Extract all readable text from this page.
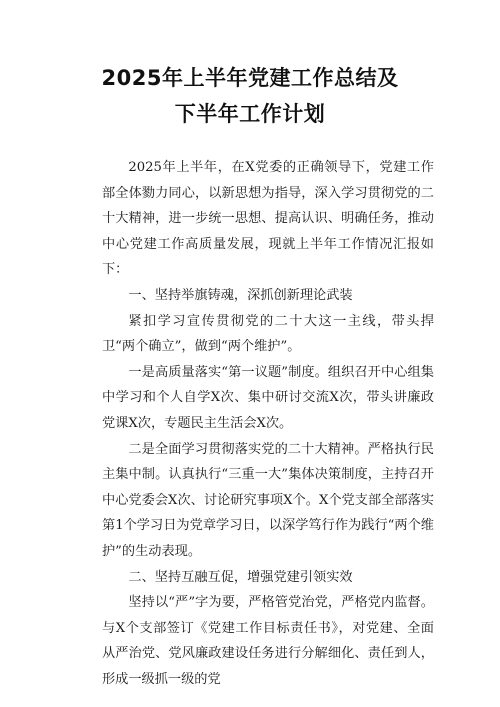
2025年上半年党建工作总结及
下半年工作计划

2025年上半年，在X党委的正确领导下，党建工作部全体勠力同心，以新思想为指导，深入学习贯彻党的二十大精神，进一步统一思想、提高认识、明确任务，推动中心党建工作高质量发展，现就上半年工作情况汇报如下：

一、坚持举旗铸魂，深抓创新理论武装

紧扣学习宣传贯彻党的二十大这一主线，带头捍卫“两个确立”，做到“两个维护”。

一是高质量落实“第一议题”制度。组织召开中心组集中学习和个人自学X次、集中研讨交流X次，带头讲廉政党课X次，专题民主生活会X次。

二是全面学习贯彻落实党的二十大精神。严格执行民主集中制。认真执行“三重一大”集体决策制度，主持召开中心党委会X次、讨论研究事项X个。X个党支部全部落实第1个学习日为党章学习日，以深学笃行作为践行“两个维护”的生动表现。

二、坚持互融互促，增强党建引领实效

坚持以“严”字为要，严格管党治党，严格党内监督。与X个支部签订《党建工作目标责任书》，对党建、全面从严治党、党风廉政建设任务进行分解细化、责任到人，形成一级抓一级的党
